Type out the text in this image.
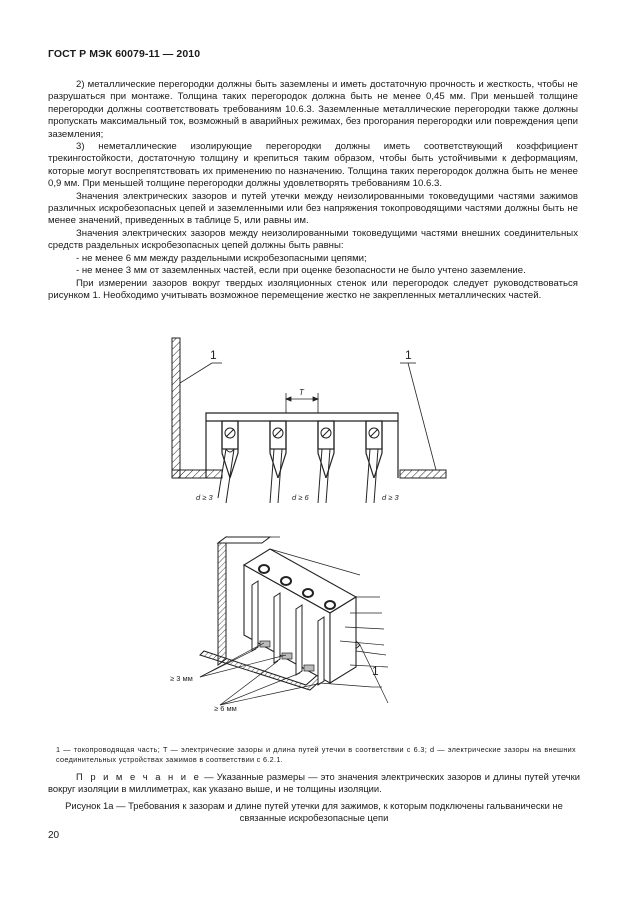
ГОСТ Р МЭК 60079-11 — 2010

2) металлические перегородки должны быть заземлены и иметь достаточную прочность и жесткость, чтобы не разрушаться при монтаже. Толщина таких перегородок должна быть не менее 0,45 мм. При меньшей толщине перегородки должны соответствовать требованиям 10.6.3. Заземленные металлические перегородки также должны пропускать максимальный ток, возможный в аварийных режимах, без прогорания перегородки или повреждения цепи заземления;

3) неметаллические изолирующие перегородки должны иметь соответствующий коэффициент трекингостойкости, достаточную толщину и крепиться таким образом, чтобы быть устойчивыми к деформациям, которые могут воспрепятствовать их применению по назначению. Толщина таких перегородок должна быть не менее 0,9 мм. При меньшей толщине перегородки должны удовлетворять требованиям 10.6.3.

Значения электрических зазоров и путей утечки между неизолированными токоведущими частями зажимов различных искробезопасных цепей и заземленными или без напряжения токопроводящими частями должны быть не менее значений, приведенных в таблице 5, или равны им.

Значения электрических зазоров между неизолированными токоведущими частями внешних соединительных средств раздельных искробезопасных цепей должны быть равны:

- не менее 6 мм между раздельными искробезопасными цепями;

- не менее 3 мм от заземленных частей, если при оценке безопасности не было учтено заземление.

При измерении зазоров вокруг твердых изоляционных стенок или перегородок следует руководствоваться рисунком 1. Необходимо учитывать возможное перемещение жестко не закрепленных металлических частей.

T
1	1
d ≥ 3	d ≥ 6	d ≥ 3
1
≥ 3 мм
≥ 6 мм
1 — токопроводящая часть; T — электрические зазоры и длина путей утечки в соответствии с 6.3; d — электрические зазоры на внешних соединительных устройствах зажимов в соответствии с 6.2.1.
П р и м е ч а н и е — Указанные размеры — это значения электрических зазоров и длины путей утечки вокруг изоляции в миллиметрах, как указано выше, и не толщины изоляции.
Рисунок 1а — Требования к зазорам и длине путей утечки для зажимов, к которым подключены гальванически не связанные искробезопасные цепи
20
